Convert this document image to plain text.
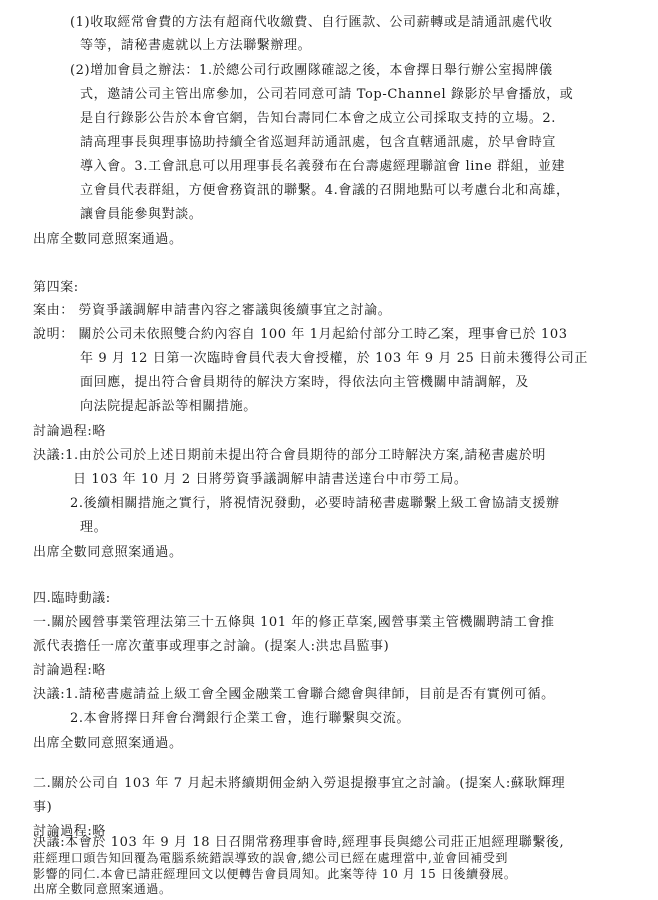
(1)收取經常會費的方法有超商代收繳費、自行匯款、公司薪轉或是請通訊處代收
等等，請秘書處就以上方法聯繫辦理。
(2)增加會員之辦法：1.於總公司行政團隊確認之後，本會擇日舉行辦公室揭牌儀
式，邀請公司主管出席參加，公司若同意可請 Top-Channel 錄影於早會播放，或
是自行錄影公告於本會官網，告知台壽同仁本會之成立公司採取支持的立場。2.
請高理事長與理事協助持續全省巡迴拜訪通訊處，包含直轄通訊處，於早會時宣
導入會。3.工會訊息可以用理事長名義發布在台壽處經理聯誼會 line 群組，並建
立會員代表群組，方便會務資訊的聯繫。4.會議的召開地點可以考慮台北和高雄，
讓會員能參與對談。
出席全數同意照案通過。
第四案:
案由： 勞資爭議調解申請書內容之審議與後續事宜之討論。
說明： 關於公司未依照雙合約內容自 100 年 1月起給付部分工時乙案，理事會已於 103
年 9 月 12 日第一次臨時會員代表大會授權，於 103 年 9 月 25 日前未獲得公司正
面回應，提出符合會員期待的解決方案時，得依法向主管機關申請調解，及
向法院提起訴訟等相關措施。
討論過程:略
決議:1.由於公司於上述日期前未提出符合會員期待的部分工時解決方案,請秘書處於明
日 103 年 10 月 2 日將勞資爭議調解申請書送達台中市勞工局。
2.後續相關措施之實行，將視情況發動，必要時請秘書處聯繫上級工會協請支援辦
理。
出席全數同意照案通過。
四.臨時動議:
一.關於國營事業管理法第三十五條與 101 年的修正草案,國營事業主管機關聘請工會推
派代表擔任一席次董事或理事之討論。(提案人:洪忠昌監事)
討論過程:略
決議:1.請秘書處請益上級工會全國金融業工會聯合總會與律師，目前是否有實例可循。
2.本會將擇日拜會台灣銀行企業工會，進行聯繫與交流。
出席全數同意照案通過。
二.關於公司自 103 年 7 月起未將續期佣金納入勞退提撥事宜之討論。(提案人:蘇耿輝理
事)
討論過程:略
決議:本會於 103 年 9 月 18 日召開常務理事會時,經理事長與總公司莊正旭經理聯繫後,
莊經理口頭告知回覆為電腦系統錯誤導致的誤會,總公司已經在處理當中,並會回補受到
影響的同仁.本會已請莊經理回文以便轉告會員周知。此案等待 10 月 15 日後續發展。
出席全數同意照案通過。
